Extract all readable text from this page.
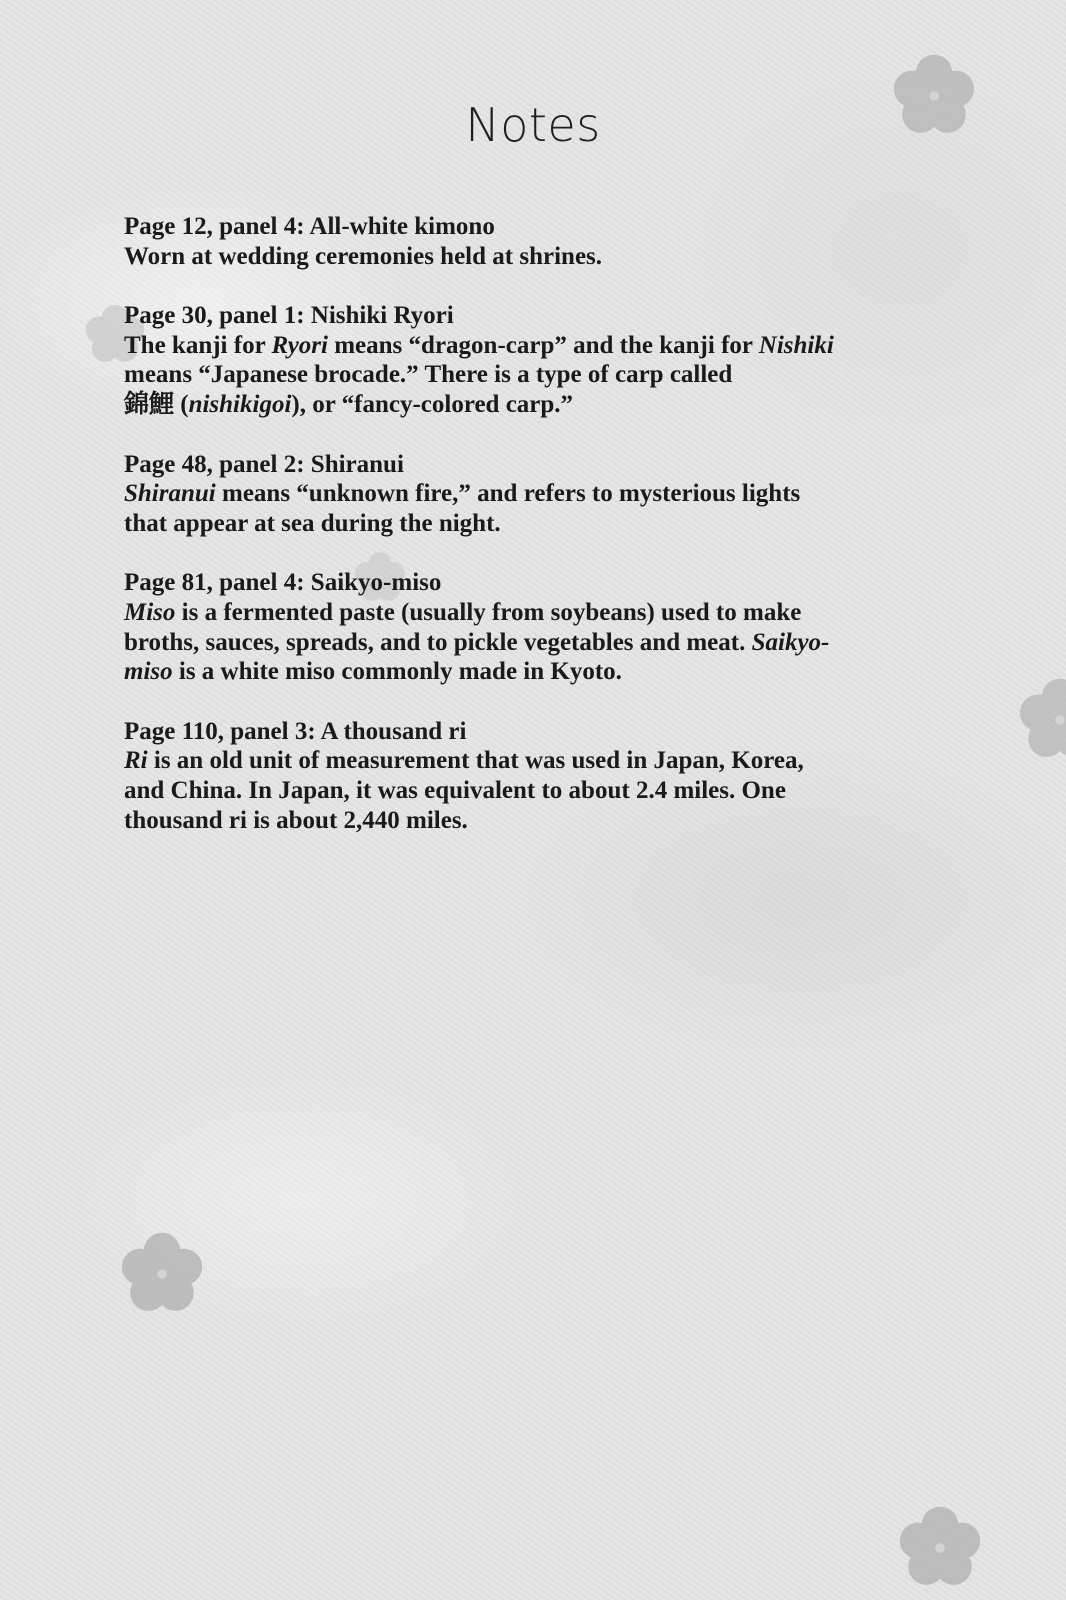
Notes
Page 12, panel 4: All-white kimono
Worn at wedding ceremonies held at shrines.
Page 30, panel 1: Nishiki Ryori
The kanji for Ryori means “dragon-carp” and the kanji for Nishiki
means “Japanese brocade.” There is a type of carp called
錦鯉 (nishikigoi), or “fancy-colored carp.”
Page 48, panel 2: Shiranui
Shiranui means “unknown fire,” and refers to mysterious lights
that appear at sea during the night.
Page 81, panel 4: Saikyo-miso
Miso is a fermented paste (usually from soybeans) used to make
broths, sauces, spreads, and to pickle vegetables and meat. Saikyo-
miso is a white miso commonly made in Kyoto.
Page 110, panel 3: A thousand ri
Ri is an old unit of measurement that was used in Japan, Korea,
and China. In Japan, it was equivalent to about 2.4 miles. One
thousand ri is about 2,440 miles.
